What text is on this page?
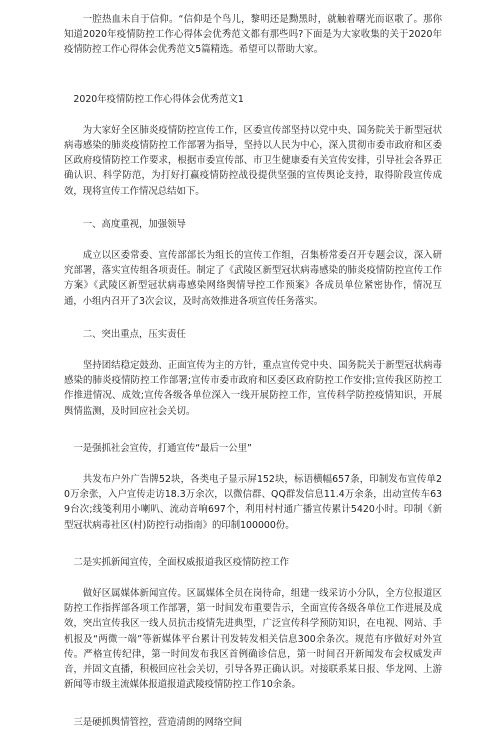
一腔热血未自于信仰。“信仰是个鸟儿，黎明还是黝黑时，就触着曙光而讴歌了。那你知道2020年疫情防控工作心得体会优秀范文都有那些吗?下面是为大家收集的关于2020年疫情防控工作心得体会优秀范文5篇精选。希望可以帮助大家。

2020年疫情防控工作心得体会优秀范文1

为大家好全区肺炎疫情防控宣传工作，区委宣传部坚持以党中央、国务院关于新型冠状病毒感染的肺炎疫情防控工作部署为指导，坚持以人民为中心，深入贯彻市委市政府和区委区政府疫情防控工作要求，根据市委宣传部、市卫生健康委有关宣传安排，引导社会各界正确认识、科学防范，为打好打赢疫情防控战役提供坚强的宣传舆论支持，取得阶段宣传成效，现将宣传工作情况总结如下。

一、高度重视，加强领导

成立以区委常委、宣传部部长为组长的宣传工作组，召集桥常委召开专题会议，深入研究部署，落实宣传组各项责任。制定了《武陵区新型冠状病毒感染的肺炎疫情防控宣传工作方案》《武陵区新型冠状病毒感染网络舆情导控工作预案》各成员单位紧密协作，情况互通，小组内召开了3次会议，及时高效推进各项宣传任务落实。

二、突出重点，压实责任

坚持团结稳定鼓劲、正面宣传为主的方针，重点宣传党中央、国务院关于新型冠状病毒感染的肺炎疫情防控工作部署;宣传市委市政府和区委区政府防控工作安排;宣传我区防控工作推进情况、成效;宣传各级各单位深入一线开展防控工作，宣传科学防控疫情知识，开展舆情监测，及时回应社会关切。

一是强抓社会宣传，打通宣传“最后一公里”

共发布户外广告牌52块，各类电子显示屏152块，标语横幅657条，印制发布宣传单20万余张，入户宣传走访18.3万余次，以微信群、QQ群发信息11.4万余条，出动宣传车639台次;线笺利用小喇叭、流动音响697个，利用村村通广播宣传累计5420小时。印制《新型冠状病毒社区(村)防控行动指南》的印制100000份。

二是实抓新闻宣传，全面权威报道我区疫情防控工作

做好区属媒体新闻宣传。区属媒体全员在岗待命，组建一线采访小分队，全方位报道区防控工作指挥部各项工作部署，第一时间发布重要告示，全面宣传各级各单位工作进展及成效，突出宣传我区一线人员抗击疫情先进典型，广泛宣传科学预防知识，在电视、网站、手机报及“两微一端”等新媒体平台累计刊发转发相关信息300余条次。规范有序做好对外宣传。严格宣传纪律，第一时间发布我区首例确诊信息，第一时间召开新闻发布会权威发声音，并固文直播，积极回应社会关切，引导各界正确认识。对接联系某日报、华龙网、上游新闻等市级主流媒体报道报道武陵疫情防控工作10余条。

三是硬抓舆情管控，营造清朗的网络空间
